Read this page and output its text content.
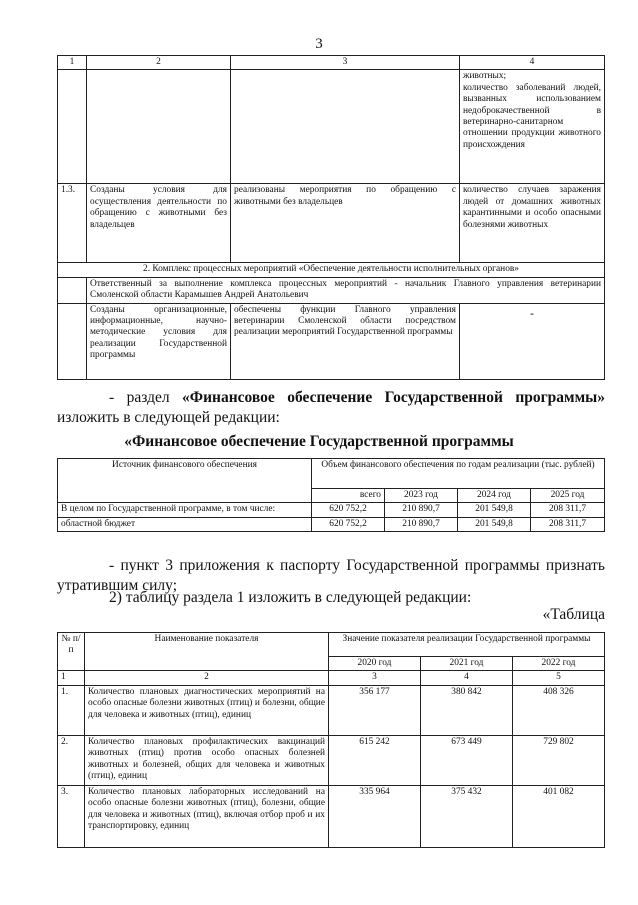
3
1	2	3	4
			животных;
количество заболеваний людей, вызванных использованием недоброкачественной в ветеринарно-санитарном отношении продукции животного происхождения
1.3.	Созданы условия для осуществления деятельности по обращению с животными без владельцев	реализованы мероприятия по обращению с животными без владельцев	количество случаев заражения людей от домашних животных карантинными и особо опасными болезнями животных
2. Комплекс процессных мероприятий «Обеспечение деятельности исполнительных органов»			
	Ответственный за выполнение комплекса процессных мероприятий - начальник Главного управления ветеринарии Смоленской области Карамышев Андрей Анатольевич		
	Созданы организационные, информационные, научно-методические условия для реализации Государственной программы	обеспечены функции Главного управления ветеринарии Смоленской области посредством реализации мероприятий Государственной программы	-
- раздел «Финансовое обеспечение Государственной программы» изложить в следующей редакции:
«Финансовое обеспечение Государственной программы
Источник финансового обеспечения	Объем финансового обеспечения по годам реализации (тыс. рублей)			
	всего	2023 год	2024 год	2025 год
В целом по Государственной программе, в том числе:	620 752,2	210 890,7	201 549,8	208 311,7
областной бюджет	620 752,2	210 890,7	201 549,8	208 311,7
- пункт 3 приложения к паспорту Государственной программы признать утратившим силу;
2) таблицу раздела 1 изложить в следующей редакции:
«Таблица
№ п/п	Наименование показателя	Значение показателя реализации Государственной программы		
		2020 год	2021 год	2022 год
1	2	3	4	5
1.	Количество плановых диагностических мероприятий на особо опасные болезни животных (птиц) и болезни, общие для человека и животных (птиц), единиц	356 177	380 842	408 326
2.	Количество плановых профилактических вакцинаций животных (птиц) против особо опасных болезней животных и болезней, общих для человека и животных (птиц), единиц	615 242	673 449	729 802
3.	Количество плановых лабораторных исследований на особо опасные болезни животных (птиц), болезни, общие для человека и животных (птиц), включая отбор проб и их транспортировку, единиц	335 964	375 432	401 082
